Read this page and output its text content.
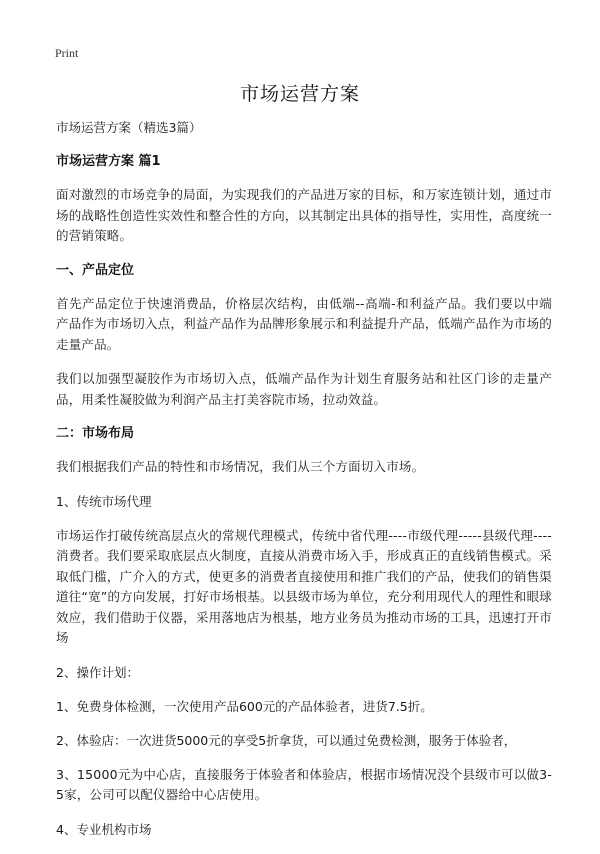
Print
市场运营方案

市场运营方案（精选3篇）

市场运营方案 篇1

面对激烈的市场竞争的局面，为实现我们的产品进万家的目标，和万家连锁计划，通过市场的战略性创造性实效性和整合性的方向，以其制定出具体的指导性，实用性，高度统一的营销策略。

一、产品定位

首先产品定位于快速消费品，价格层次结构，由低端--高端-和利益产品。我们要以中端产品作为市场切入点，利益产品作为品牌形象展示和利益提升产品，低端产品作为市场的走量产品。

我们以加强型凝胶作为市场切入点，低端产品作为计划生育服务站和社区门诊的走量产品，用柔性凝胶做为利润产品主打美容院市场，拉动效益。

二：市场布局

我们根据我们产品的特性和市场情况，我们从三个方面切入市场。

1、传统市场代理

市场运作打破传统高层点火的常规代理模式，传统中省代理----市级代理-----县级代理----消费者。我们要采取底层点火制度，直接从消费市场入手，形成真正的直线销售模式。采取低门槛，广介入的方式，使更多的消费者直接使用和推广我们的产品，使我们的销售渠道往“宽”的方向发展，打好市场根基。以县级市场为单位，充分利用现代人的理性和眼球效应，我们借助于仪器，采用落地店为根基，地方业务员为推动市场的工具，迅速打开市场

2、操作计划：

1、免费身体检测，一次使用产品600元的产品体验者，进货7.5折。

2、体验店：一次进货5000元的享受5折拿货，可以通过免费检测，服务于体验者，

3、15000元为中心店，直接服务于体验者和体验店，根据市场情况没个县级市可以做3-5家，公司可以配仪器给中心店使用。

4、专业机构市场
